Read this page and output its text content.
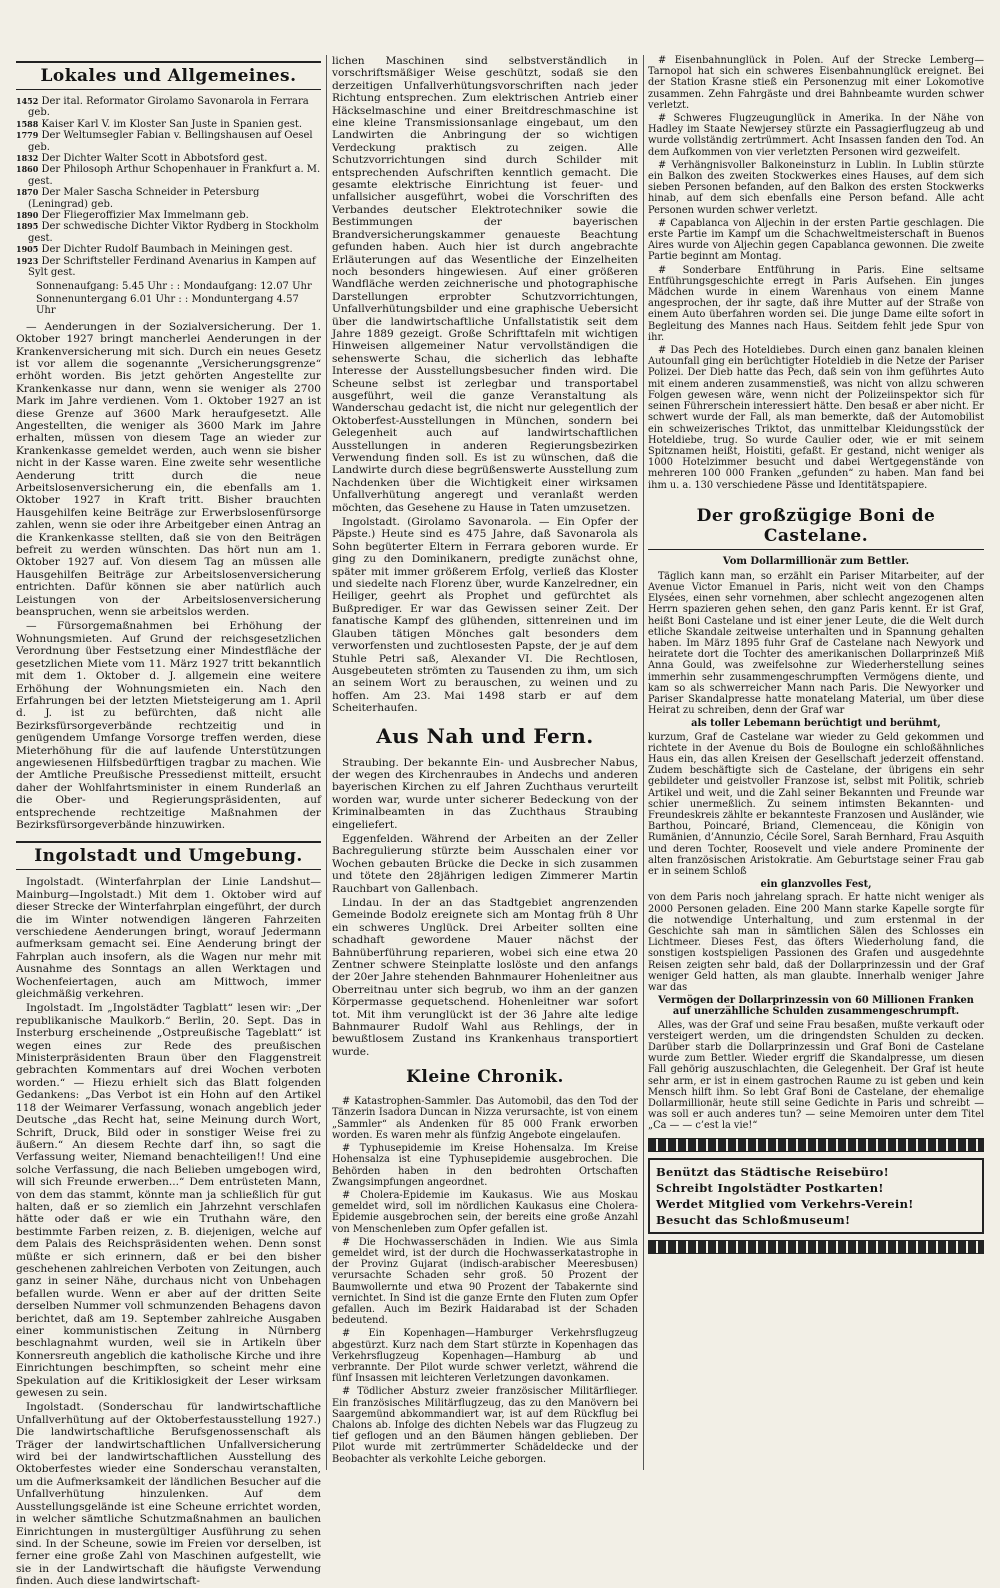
Lokales und Allgemeines.

1452 Der ital. Reformator Girolamo Savonarola in Ferrara geb.

1588 Kaiser Karl V. im Kloster San Juste in Spanien gest.

1779 Der Weltumsegler Fabian v. Bellingshausen auf Oesel geb.

1832 Der Dichter Walter Scott in Abbotsford gest.

1860 Der Philosoph Arthur Schopenhauer in Frankfurt a. M. gest.

1870 Der Maler Sascha Schneider in Petersburg (Leningrad) geb.

1890 Der Fliegeroffizier Max Immelmann geb.

1895 Der schwedische Dichter Viktor Rydberg in Stockholm gest.

1905 Der Dichter Rudolf Baumbach in Meiningen gest.

1923 Der Schriftsteller Ferdinand Avenarius in Kampen auf Sylt gest.

Sonnenaufgang: 5.45 Uhr : : Mondaufgang: 12.07 Uhr

Sonnenuntergang 6.01 Uhr : : Monduntergang 4.57 Uhr

— Aenderungen in der Sozialversicherung. Der 1. Oktober 1927 bringt mancherlei Aenderungen in der Krankenversicherung mit sich. Durch ein neues Gesetz ist vor allem die sogenannte „Versicherungsgrenze“ erhöht worden. Bis jetzt gehörten Angestellte zur Krankenkasse nur dann, wenn sie weniger als 2700 Mark im Jahre verdienen. Vom 1. Oktober 1927 an ist diese Grenze auf 3600 Mark heraufgesetzt. Alle Angestellten, die weniger als 3600 Mark im Jahre erhalten, müssen von diesem Tage an wieder zur Krankenkasse gemeldet werden, auch wenn sie bisher nicht in der Kasse waren. Eine zweite sehr wesentliche Aenderung tritt durch die neue Arbeitslosenversicherung ein, die ebenfalls am 1. Oktober 1927 in Kraft tritt. Bisher brauchten Hausgehilfen keine Beiträge zur Erwerbslosenfürsorge zahlen, wenn sie oder ihre Arbeitgeber einen Antrag an die Krankenkasse stellten, daß sie von den Beiträgen befreit zu werden wünschten. Das hört nun am 1. Oktober 1927 auf. Von diesem Tag an müssen alle Hausgehilfen Beiträge zur Arbeitslosenversicherung entrichten. Dafür können sie aber natürlich auch Leistungen von der Arbeitslosenversicherung beanspruchen, wenn sie arbeitslos werden.

— Fürsorgemaßnahmen bei Erhöhung der Wohnungsmieten. Auf Grund der reichsgesetzlichen Verordnung über Festsetzung einer Mindestfläche der gesetzlichen Miete vom 11. März 1927 tritt bekanntlich mit dem 1. Oktober d. J. allgemein eine weitere Erhöhung der Wohnungsmieten ein. Nach den Erfahrungen bei der letzten Mietsteigerung am 1. April d. J. ist zu befürchten, daß nicht alle Bezirksfürsorgeverbände rechtzeitig und in genügendem Umfange Vorsorge treffen werden, diese Mieterhöhung für die auf laufende Unterstützungen angewiesenen Hilfsbedürftigen tragbar zu machen. Wie der Amtliche Preußische Pressedienst mitteilt, ersucht daher der Wohlfahrtsminister in einem Runderlaß an die Ober- und Regierungspräsidenten, auf entsprechende rechtzeitige Maßnahmen der Bezirksfürsorgeverbände hinzuwirken.

Ingolstadt und Umgebung.

Ingolstadt. (Winterfahrplan der Linie Landshut—Mainburg—Ingolstadt.) Mit dem 1. Oktober wird auf dieser Strecke der Winterfahrplan eingeführt, der durch die im Winter notwendigen längeren Fahrzeiten verschiedene Aenderungen bringt, worauf Jedermann aufmerksam gemacht sei. Eine Aenderung bringt der Fahrplan auch insofern, als die Wagen nur mehr mit Ausnahme des Sonntags an allen Werktagen und Wochenfeiertagen, auch am Mittwoch, immer gleichmäßig verkehren.

Ingolstadt. Im „Ingolstädter Tagblatt“ lesen wir: „Der republikanische Maulkorb.“ Berlin, 20. Sept. Das in Insterburg erscheinende „Ostpreußische Tageblatt“ ist wegen eines zur Rede des preußischen Ministerpräsidenten Braun über den Flaggenstreit gebrachten Kommentars auf drei Wochen verboten worden.“ — Hiezu erhielt sich das Blatt folgenden Gedankens: „Das Verbot ist ein Hohn auf den Artikel 118 der Weimarer Verfassung, wonach angeblich jeder Deutsche „das Recht hat, seine Meinung durch Wort, Schrift, Druck, Bild oder in sonstiger Weise frei zu äußern.“ An diesem Rechte darf ihn, so sagt die Verfassung weiter, Niemand benachteiligen!! Und eine solche Verfassung, die nach Belieben umgebogen wird, will sich Freunde erwerben...“ Dem entrüsteten Mann, von dem das stammt, könnte man ja schließlich für gut halten, daß er so ziemlich ein Jahrzehnt verschlafen hätte oder daß er wie ein Truthahn wäre, den bestimmte Farben reizen, z. B. diejenigen, welche auf dem Palais des Reichspräsidenten wehen. Denn sonst müßte er sich erinnern, daß er bei den bisher geschehenen zahlreichen Verboten von Zeitungen, auch ganz in seiner Nähe, durchaus nicht von Unbehagen befallen wurde. Wenn er aber auf der dritten Seite derselben Nummer voll schmunzenden Behagens davon berichtet, daß am 19. September zahlreiche Ausgaben einer kommunistischen Zeitung in Nürnberg beschlagnahmt wurden, weil sie in Artikeln über Konnersreuth angeblich die katholische Kirche und ihre Einrichtungen beschimpften, so scheint mehr eine Spekulation auf die Kritiklosigkeit der Leser wirksam gewesen zu sein.

Ingolstadt. (Sonderschau für landwirtschaftliche Unfallverhütung auf der Oktoberfestausstellung 1927.) Die landwirtschaftliche Berufsgenossenschaft als Träger der landwirtschaftlichen Unfallversicherung wird bei der landwirtschaftlichen Ausstellung des Oktoberfestes wieder eine Sonderschau veranstalten, um die Aufmerksamkeit der ländlichen Besucher auf die Unfallverhütung hinzulenken. Auf dem Ausstellungsgelände ist eine Scheune errichtet worden, in welcher sämtliche Schutzmaßnahmen an baulichen Einrichtungen in mustergültiger Ausführung zu sehen sind. In der Scheune, sowie im Freien vor derselben, ist ferner eine große Zahl von Maschinen aufgestellt, wie sie in der Landwirtschaft die häufigste Verwendung finden. Auch diese landwirtschaft-

lichen Maschinen sind selbstverständlich in vorschriftsmäßiger Weise geschützt, sodaß sie den derzeitigen Unfallverhütungsvorschriften nach jeder Richtung entsprechen. Zum elektrischen Antrieb einer Häckselmaschine und einer Breitdreschmaschine ist eine kleine Transmissionsanlage eingebaut, um den Landwirten die Anbringung der so wichtigen Verdeckung praktisch zu zeigen. Alle Schutzvorrichtungen sind durch Schilder mit entsprechenden Aufschriften kenntlich gemacht. Die gesamte elektrische Einrichtung ist feuer- und unfallsicher ausgeführt, wobei die Vorschriften des Verbandes deutscher Elektrotechniker sowie die Bestimmungen der bayerischen Brandversicherungskammer genaueste Beachtung gefunden haben. Auch hier ist durch angebrachte Erläuterungen auf das Wesentliche der Einzelheiten noch besonders hingewiesen. Auf einer größeren Wandfläche werden zeichnerische und photographische Darstellungen erprobter Schutzvorrichtungen, Unfallverhütungsbilder und eine graphische Uebersicht über die landwirtschaftliche Unfallstatistik seit dem Jahre 1889 gezeigt. Große Schrifttafeln mit wichtigen Hinweisen allgemeiner Natur vervollständigen die sehenswerte Schau, die sicherlich das lebhafte Interesse der Ausstellungsbesucher finden wird. Die Scheune selbst ist zerlegbar und transportabel ausgeführt, weil die ganze Veranstaltung als Wanderschau gedacht ist, die nicht nur gelegentlich der Oktoberfest-Ausstellungen in München, sondern bei Gelegenheit auch auf landwirtschaftlichen Ausstellungen in anderen Regierungsbezirken Verwendung finden soll. Es ist zu wünschen, daß die Landwirte durch diese begrüßenswerte Ausstellung zum Nachdenken über die Wichtigkeit einer wirksamen Unfallverhütung angeregt und veranlaßt werden möchten, das Gesehene zu Hause in Taten umzusetzen.

Ingolstadt. (Girolamo Savonarola. — Ein Opfer der Päpste.) Heute sind es 475 Jahre, daß Savonarola als Sohn begüterter Eltern in Ferrara geboren wurde. Er ging zu den Dominikanern, predigte zunächst ohne, später mit immer größerem Erfolg, verließ das Kloster und siedelte nach Florenz über, wurde Kanzelredner, ein Heiliger, geehrt als Prophet und gefürchtet als Bußprediger. Er war das Gewissen seiner Zeit. Der fanatische Kampf des glühenden, sittenreinen und im Glauben tätigen Mönches galt besonders dem verworfensten und zuchtlosesten Papste, der je auf dem Stuhle Petri saß, Alexander VI. Die Rechtlosen, Ausgebeuteten strömten zu Tausenden zu ihm, um sich an seinem Wort zu berauschen, zu weinen und zu hoffen. Am 23. Mai 1498 starb er auf dem Scheiterhaufen.

Aus Nah und Fern.

Straubing. Der bekannte Ein- und Ausbrecher Nabus, der wegen des Kirchenraubes in Andechs und anderen bayerischen Kirchen zu elf Jahren Zuchthaus verurteilt worden war, wurde unter sicherer Bedeckung von der Kriminalbeamten in das Zuchthaus Straubing eingeliefert.

Eggenfelden. Während der Arbeiten an der Zeller Bachregulierung stürzte beim Ausschalen einer vor Wochen gebauten Brücke die Decke in sich zusammen und tötete den 28jährigen ledigen Zimmerer Martin Rauchbart von Gallenbach.

Lindau. In der an das Stadtgebiet angrenzenden Gemeinde Bodolz ereignete sich am Montag früh 8 Uhr ein schweres Unglück. Drei Arbeiter sollten eine schadhaft gewordene Mauer nächst der Bahnüberführung reparieren, wobei sich eine etwa 20 Zentner schwere Steinplatte loslöste und den anfangs der 20er Jahre stehenden Bahnmaurer Hohenleitner aus Oberreitnau unter sich begrub, wo ihm an der ganzen Körpermasse gequetschend. Hohenleitner war sofort tot. Mit ihm verunglückt ist der 36 Jahre alte ledige Bahnmaurer Rudolf Wahl aus Rehlings, der in bewußtlosem Zustand ins Krankenhaus transportiert wurde.

Kleine Chronik.

# Katastrophen-Sammler. Das Automobil, das den Tod der Tänzerin Isadora Duncan in Nizza verursachte, ist von einem „Sammler“ als Andenken für 85 000 Frank erworben worden. Es waren mehr als fünfzig Angebote eingelaufen.

# Typhusepidemie im Kreise Hohensalza. Im Kreise Hohensalza ist eine Typhusepidemie ausgebrochen. Die Behörden haben in den bedrohten Ortschaften Zwangsimpfungen angeordnet.

# Cholera-Epidemie im Kaukasus. Wie aus Moskau gemeldet wird, soll im nördlichen Kaukasus eine Cholera-Epidemie ausgebrochen sein, der bereits eine große Anzahl von Menschenleben zum Opfer gefallen ist.

# Die Hochwasserschäden in Indien. Wie aus Simla gemeldet wird, ist der durch die Hochwasserkatastrophe in der Provinz Gujarat (indisch-arabischer Meeresbusen) verursachte Schaden sehr groß. 50 Prozent der Baumwollernte und etwa 90 Prozent der Tabakernte sind vernichtet. In Sind ist die ganze Ernte den Fluten zum Opfer gefallen. Auch im Bezirk Haidarabad ist der Schaden bedeutend.

# Ein Kopenhagen—Hamburger Verkehrsflugzeug abgestürzt. Kurz nach dem Start stürzte in Kopenhagen das Verkehrsflugzeug Kopenhagen—Hamburg ab und verbrannte. Der Pilot wurde schwer verletzt, während die fünf Insassen mit leichteren Verletzungen davonkamen.

# Tödlicher Absturz zweier französischer Militärflieger. Ein französisches Militärflugzeug, das zu den Manövern bei Saargemünd abkommandiert war, ist auf dem Rückflug bei Chalons ab. Infolge des dichten Nebels war das Flugzeug zu tief geflogen und an den Bäumen hängen geblieben. Der Pilot wurde mit zertrümmerter Schädeldecke und der Beobachter als verkohlte Leiche geborgen.

# Eisenbahnunglück in Polen. Auf der Strecke Lemberg—Tarnopol hat sich ein schweres Eisenbahnunglück ereignet. Bei der Station Krasne stieß ein Personenzug mit einer Lokomotive zusammen. Zehn Fahrgäste und drei Bahnbeamte wurden schwer verletzt.

# Schweres Flugzeugunglück in Amerika. In der Nähe von Hadley im Staate Newjersey stürzte ein Passagierflugzeug ab und wurde vollständig zertrümmert. Acht Insassen fanden den Tod. An dem Aufkommen von vier verletzten Personen wird gezweifelt.

# Verhängnisvoller Balkoneinsturz in Lublin. In Lublin stürzte ein Balkon des zweiten Stockwerkes eines Hauses, auf dem sich sieben Personen befanden, auf den Balkon des ersten Stockwerks hinab, auf dem sich ebenfalls eine Person befand. Alle acht Personen wurden schwer verletzt.

# Capablanca von Aljechin in der ersten Partie geschlagen. Die erste Partie im Kampf um die Schachweltmeisterschaft in Buenos Aires wurde von Aljechin gegen Capablanca gewonnen. Die zweite Partie beginnt am Montag.

# Sonderbare Entführung in Paris. Eine seltsame Entführungsgeschichte erregt in Paris Aufsehen. Ein junges Mädchen wurde in einem Warenhaus von einem Manne angesprochen, der ihr sagte, daß ihre Mutter auf der Straße von einem Auto überfahren worden sei. Die junge Dame eilte sofort in Begleitung des Mannes nach Haus. Seitdem fehlt jede Spur von ihr.

# Das Pech des Hoteldiebes. Durch einen ganz banalen kleinen Autounfall ging ein berüchtigter Hoteldieb in die Netze der Pariser Polizei. Der Dieb hatte das Pech, daß sein von ihm geführtes Auto mit einem anderen zusammenstieß, was nicht von allzu schweren Folgen gewesen wäre, wenn nicht der Polizeiinspektor sich für seinen Führerschein interessiert hätte. Den besaß er aber nicht. Er schwert wurde der Fall, als man bemerkte, daß der Automobilist ein schweizerisches Triktot, das unmittelbar Kleidungsstück der Hoteldiebe, trug. So wurde Caulier oder, wie er mit seinem Spitznamen heißt, Hoistiti, gefaßt. Er gestand, nicht weniger als 1000 Hotelzimmer besucht und dabei Wertgegenstände von mehreren 100 000 Franken „gefunden“ zu haben. Man fand bei ihm u. a. 130 verschiedene Pässe und Identitätspapiere.

Der großzügige Boni de Castelane.

Vom Dollarmillionär zum Bettler.

Täglich kann man, so erzählt ein Pariser Mitarbeiter, auf der Avenue Victor Emanuel in Paris, nicht weit von den Champs Elysées, einen sehr vornehmen, aber schlecht angezogenen alten Herrn spazieren gehen sehen, den ganz Paris kennt. Er ist Graf, heißt Boni Castelane und ist einer jener Leute, die die Welt durch etliche Skandale zeitweise unterhalten und in Spannung gehalten haben. Im März 1895 fuhr Graf de Castelane nach Newyork und heiratete dort die Tochter des amerikanischen Dollarprinzeß Miß Anna Gould, was zweifelsohne zur Wiederherstellung seines immerhin sehr zusammengeschrumpften Vermögens diente, und kam so als schwerreicher Mann nach Paris. Die Newyorker und Pariser Skandalpresse hatte monatelang Material, um über diese Heirat zu schreiben, denn der Graf war

als toller Lebemann berüchtigt und berühmt,

kurzum, Graf de Castelane war wieder zu Geld gekommen und richtete in der Avenue du Bois de Boulogne ein schloßähnliches Haus ein, das allen Kreisen der Gesellschaft jederzeit offenstand. Zudem beschäftigte sich de Castelane, der übrigens ein sehr gebildeter und geistvoller Franzose ist, selbst mit Politik, schrieb Artikel und weit, und die Zahl seiner Bekannten und Freunde war schier unermeßlich. Zu seinem intimsten Bekannten- und Freundeskreis zählte er bekannteste Franzosen und Ausländer, wie Barthou, Poincaré, Briand, Clemenceau, die Königin von Rumänien, d’Annunzio, Cécile Sorel, Sarah Bernhard, Frau Asquith und deren Tochter, Roosevelt und viele andere Prominente der alten französischen Aristokratie. Am Geburtstage seiner Frau gab er in seinem Schloß

ein glanzvolles Fest,

von dem Paris noch jahrelang sprach. Er hatte nicht weniger als 2000 Personen geladen. Eine 200 Mann starke Kapelle sorgte für die notwendige Unterhaltung, und zum erstenmal in der Geschichte sah man in sämtlichen Sälen des Schlosses ein Lichtmeer. Dieses Fest, das öfters Wiederholung fand, die sonstigen kostspieligen Passionen des Grafen und ausgedehnte Reisen zeigten sehr bald, daß der Dollarprinzessin und der Graf weniger Geld hatten, als man glaubte. Innerhalb weniger Jahre war das

Vermögen der Dollarprinzessin von 60 Millionen Franken auf unerzählliche Schulden zusammengeschrumpft.

Alles, was der Graf und seine Frau besaßen, mußte verkauft oder versteigert werden, um die dringendsten Schulden zu decken. Darüber starb die Dollarprinzessin und Graf Boni de Castelane wurde zum Bettler. Wieder ergriff die Skandalpresse, um diesen Fall gehörig auszuschlachten, die Gelegenheit. Der Graf ist heute sehr arm, er ist in einem gastrochen Raume zu ist geben und kein Mensch hilft ihm. So lebt Graf Boni de Castelane, der ehemalige Dollarmillionär, heute still seine Gedichte in Paris und schreibt — was soll er auch anderes tun? — seine Memoiren unter dem Titel „Ca — — c’est la vie!“

Benützt das Städtische Reisebüro!

Schreibt Ingolstädter Postkarten!

Werdet Mitglied vom Verkehrs-Verein!

Besucht das Schloßmuseum!
